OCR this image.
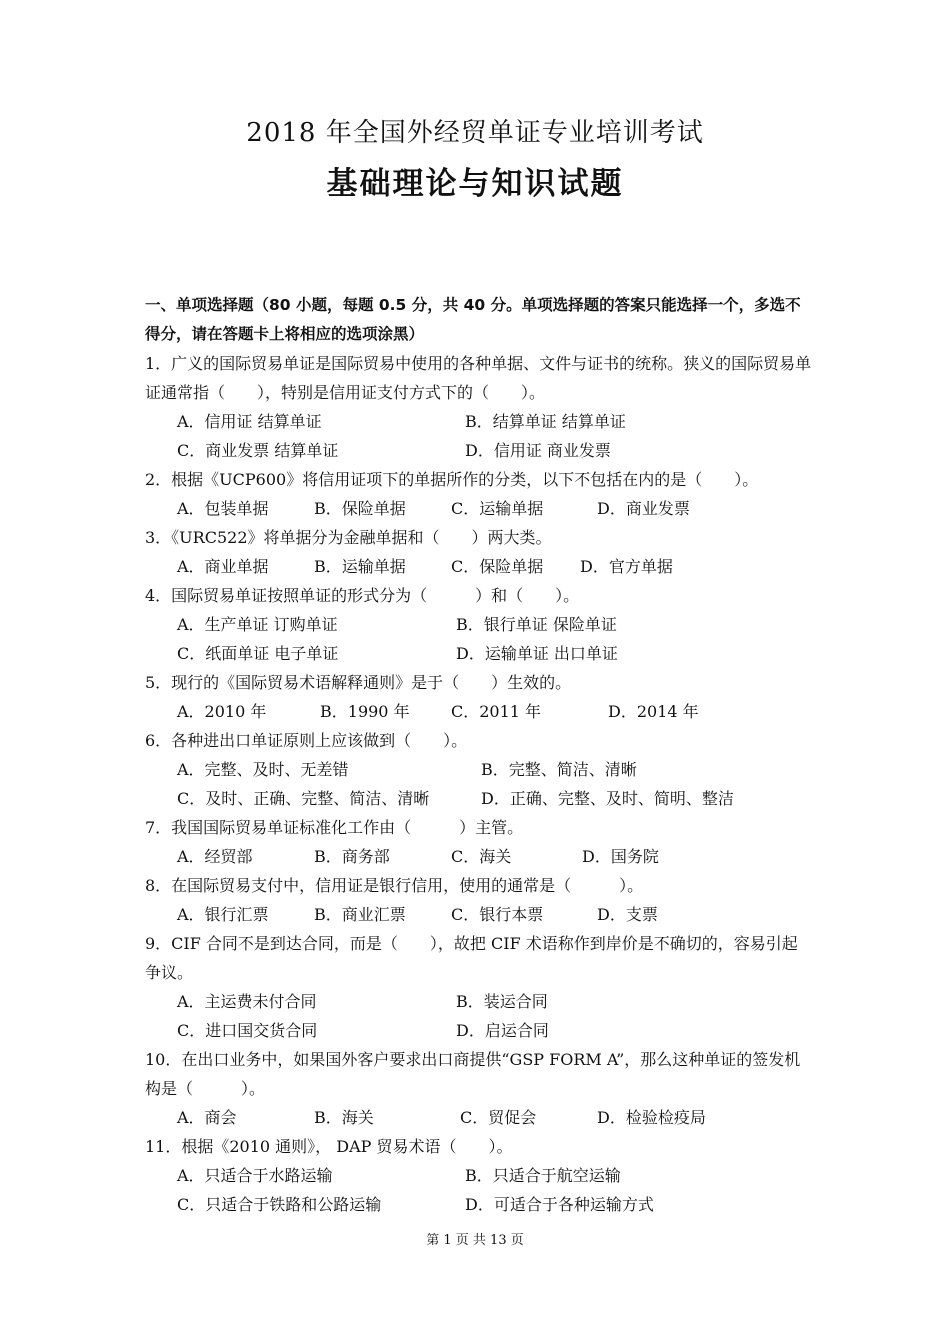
2018 年全国外经贸单证专业培训考试
基础理论与知识试题
一、单项选择题（80 小题，每题 0.5 分，共 40 分。单项选择题的答案只能选择一个，多选不得分，请在答题卡上将相应的选项涂黑）

1．广义的国际贸易单证是国际贸易中使用的各种单据、文件与证书的统称。狭义的国际贸易单证通常指（　　），特别是信用证支付方式下的（　　）。

A．信用证 结算单证	B．结算单证 结算单证
C．商业发票 结算单证	D．信用证 商业发票

2．根据《UCP600》将信用证项下的单据所作的分类，以下不包括在内的是（　　）。

A．包装单据	B．保险单据	C．运输单据	D．商业发票

3．《URC522》将单据分为金融单据和（　　）两大类。

A．商业单据	B．运输单据	C．保险单据 D．官方单据

4．国际贸易单证按照单证的形式分为（　　　）和（　　）。

A．生产单证 订购单证	B．银行单证 保险单证
C．纸面单证 电子单证	D．运输单证 出口单证

5．现行的《国际贸易术语解释通则》是于（　　）生效的。

A．2010 年	B．1990 年	C．2011 年	D．2014 年

6．各种进出口单证原则上应该做到（　　）。

A．完整、及时、无差错	B．完整、简洁、清晰
C．及时、正确、完整、简洁、清晰	D．正确、完整、及时、简明、整洁

7．我国国际贸易单证标准化工作由（　　　）主管。

A．经贸部	B．商务部	C．海关	D．国务院

8．在国际贸易支付中，信用证是银行信用，使用的通常是（　　　）。

A．银行汇票	B．商业汇票	C．银行本票	D．支票

9．CIF 合同不是到达合同，而是（　　），故把 CIF 术语称作到岸价是不确切的，容易引起争议。

A．主运费未付合同	B．装运合同
C．进口国交货合同	D．启运合同

10．在出口业务中，如果国外客户要求出口商提供“GSP FORM A”，那么这种单证的签发机构是（　　　）。

A．商会	B．海关	C．贸促会	D．检验检疫局

11．根据《2010 通则》， DAP 贸易术语（　　）。

A．只适合于水路运输	B．只适合于航空运输
C．只适合于铁路和公路运输	D．可适合于各种运输方式
第 1 页 共 13 页
